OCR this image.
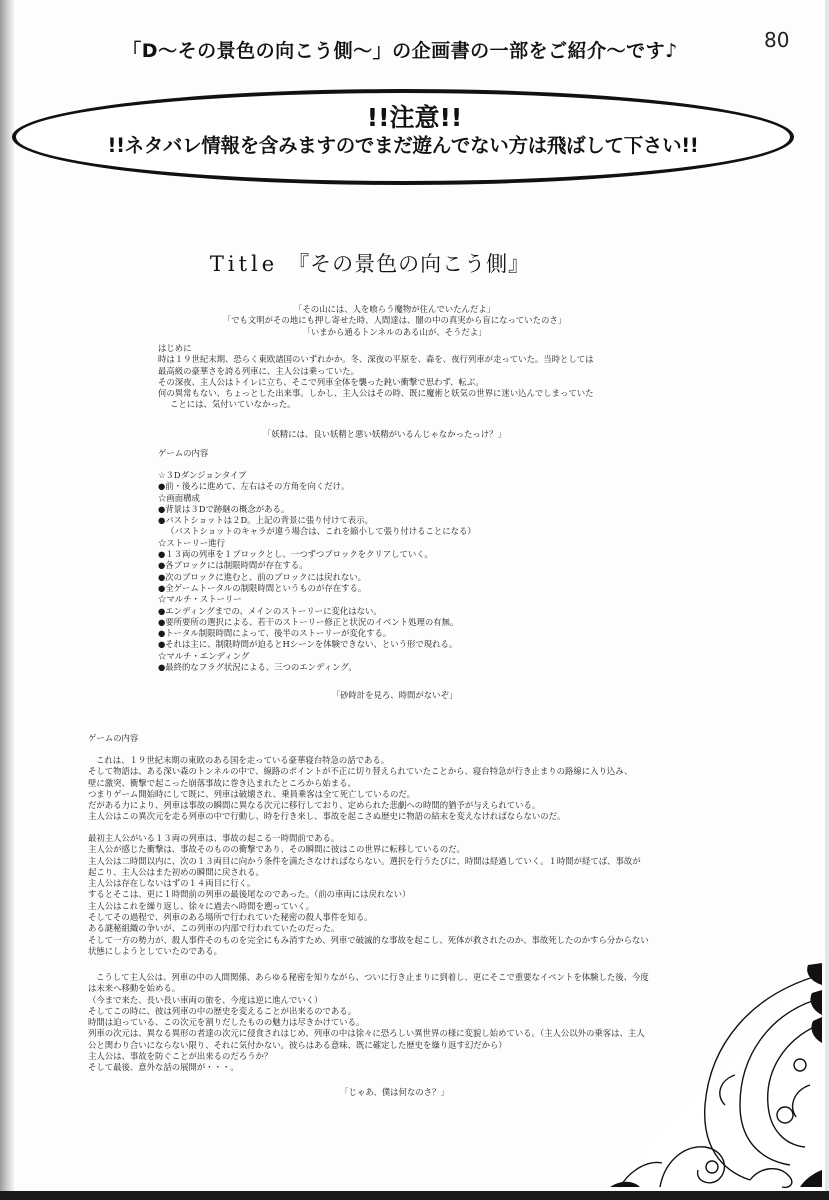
80
「D～その景色の向こう側～」の企画書の一部をご紹介～です♪
!!注意!!
!!ネタバレ情報を含みますのでまだ遊んでない方は飛ばして下さい!!
Title 『その景色の向こう側』
「その山には、人を喰らう魔物が住んでいたんだよ」
「でも文明がその地にも押し寄せた時、人間達は、闇の中の真実から盲になっていたのさ」
「いまから通るトンネルのある山が、そうだよ」
はじめに
時は１９世紀末期、恐らく東欧諸国のいずれかか。冬、深夜の平原を、森を、夜行列車が走っていた。当時としては
最高級の豪華さを誇る列車に、主人公は乗っていた。
その深夜、主人公はトイレに立ち、そこで列車全体を襲った鈍い衝撃で思わず、転ぶ。
何の異常もない、ちょっとした出来事。しかし、主人公はその時、既に魔術と妖気の世界に迷い込んでしまっていた
ことには、気付いていなかった。
「妖精には、良い妖精と悪い妖精がいるんじゃなかったっけ？」
ゲームの内容
☆３Dダンジョンタイプ
●前・後ろに進めて、左右はその方角を向くだけ。
☆画面構成
●背景は３Dで跡継の概念がある。
●バストショットは２D。上記の背景に張り付けて表示。
（バストショットのキャラが違う場合は、これを縮小して張り付けることになる）
☆ストーリー進行
●１３両の列車を１ブロックとし、一つずつブロックをクリアしていく。
●各ブロックには制限時間が存在する。
●次のブロックに進むと、前のブロックには戻れない。
●全ゲームトータルの制限時間というものが存在する。
☆マルチ・ストーリー
●エンディングまでの、メインのストーリーに変化はない。
●要所要所の選択による、若干のストーリー修正と状況のイベント処理の有無。
●トータル制限時間によって、後半のストーリーが変化する。
●それは主に、制限時間が迫るとHシーンを体験できない、という形で現れる。
☆マルチ・エンディング
●最終的なフラグ状況による、三つのエンディング。
「砂時計を見ろ、時間がないぞ」
ゲームの内容
これは、１９世紀末期の東欧のある国を走っている豪華寝台特急の話である。
そして物語は、ある深い森のトンネルの中で、線路のポイントが不正に切り替えられていたことから、寝台特急が行き止まりの路線に入り込み、
壁に激突、衝撃で起こった崩落事故に巻き込まれたところから始まる。
つまりゲーム開始時にして既に、列車は破壊され、乗員乗客は全て死亡しているのだ。
だがある力により、列車は事故の瞬間に異なる次元に移行しており、定められた悲劇への時間的猶予が与えられている。
主人公はこの異次元を走る列車の中で行動し、時を行き来し、事故を起こさぬ歴史に物語の結末を変えなければならないのだ。
最初主人公がいる１３両の列車は、事故の起こる一時間前である。
主人公が感じた衝撃は、事故そのものの衝撃であり、その瞬間に彼はこの世界に転移しているのだ。
主人公は二時間以内に、次の１３両目に向かう条件を満たさなければならない。選択を行うたびに、時間は経過していく。１時間が経てば、事故が
起こり、主人公はまた初めの瞬間に戻される。
主人公は存在しないはずの１４両目に行く。
するとそこは、更に１時間前の列車の最後尾なのであった。（前の車両には戻れない）
主人公はこれを繰り返し、徐々に過去へ時間を遡っていく。
そしてその過程で、列車のある場所で行われていた秘密の殺人事件を知る。
ある謎秘組織の争いが、この列車の内部で行われていたのだった。
そして一方の勢力が、殺人事件そのものを完全にもみ消すため、列車で破滅的な事故を起こし、死体が救されたのか、事故死したのかすら分からない
状態にしようとしていたのである。
こうして主人公は、列車の中の人間関係、あらゆる秘密を知りながら、ついに行き止まりに到着し、更にそこで重要なイベントを体験した後、今度
は未来へ移動を始める。
（今まで来た、長い長い車両の旅を、今度は逆に進んでいく）
そしてこの時に、彼は列車の中の歴史を変えることが出来るのである。
時間は迫っている、この次元を割りだしたものの魅力は尽きかけている。
列車の次元は、異なる異形の者達の次元に侵食されはじめ、列車の中は徐々に恐ろしい異世界の様に変貌し始めている。（主人公以外の乗客は、主人
公と関わり合いにならない限り、それに気付かない。彼らはある意味、既に確定した歴史を繰り返す幻だから）
主人公は、事故を防ぐことが出来るのだろうか？
そして最後、意外な話の展開が・・・。
「じゃあ、僕は何なのさ？」
